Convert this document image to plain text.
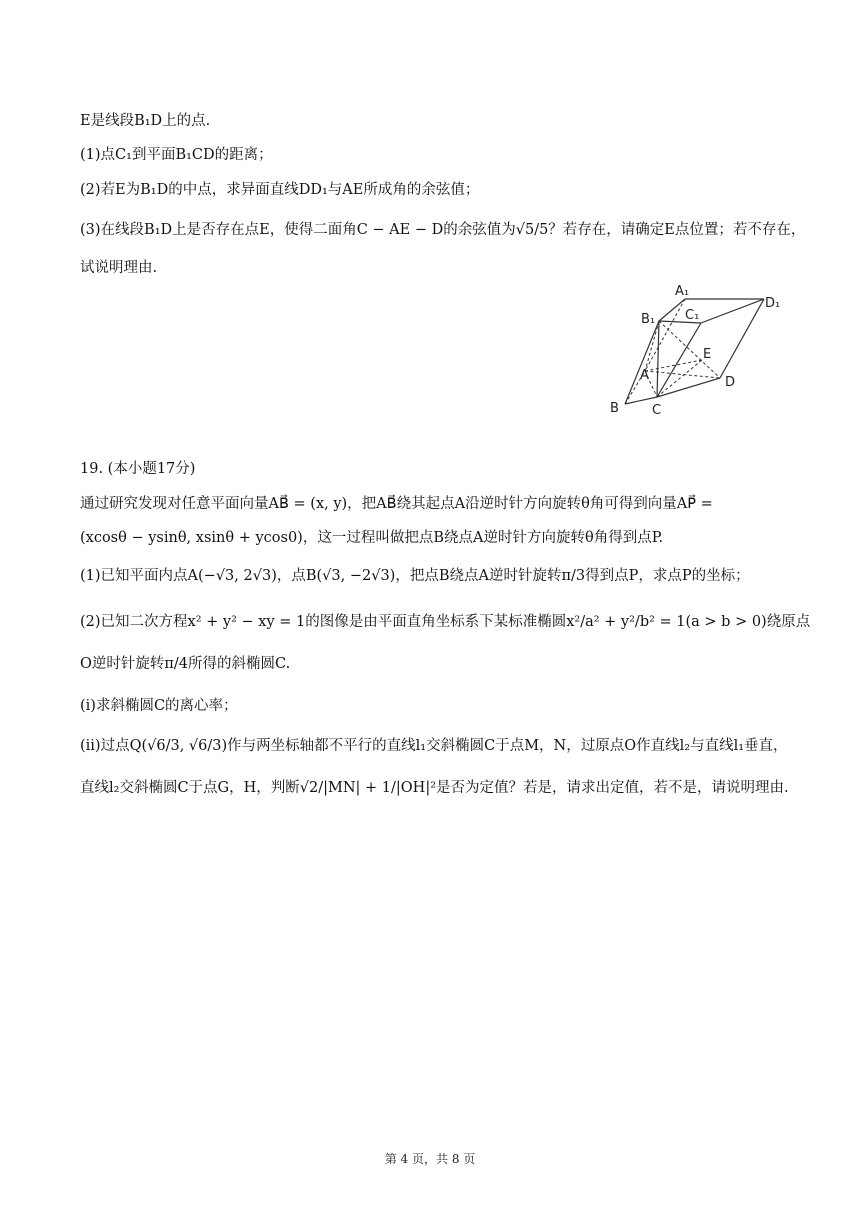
E是线段B₁D上的点.
(1)点C₁到平面B₁CD的距离；
(2)若E为B₁D的中点，求异面直线DD₁与AE所成角的余弦值；
(3)在线段B₁D上是否存在点E，使得二面角C − AE − D的余弦值为√5/5？若存在，请确定E点位置；若不存在，
试说明理由.
A₁
D₁
B₁ C₁
E
A	D
B	C
19. (本小题17分)
通过研究发现对任意平面向量AB⃗ = (x, y)，把AB⃗绕其起点A沿逆时针方向旋转θ角可得到向量AP⃗ =
(xcosθ − ysinθ, xsinθ + ycos0)，这一过程叫做把点B绕点A逆时针方向旋转θ角得到点P.
(1)已知平面内点A(−√3, 2√3)，点B(√3, −2√3)，把点B绕点A逆时针旋转π/3得到点P，求点P的坐标；
(2)已知二次方程x² + y² − xy = 1的图像是由平面直角坐标系下某标准椭圆x²/a² + y²/b² = 1(a > b > 0)绕原点
O逆时针旋转π/4所得的斜椭圆C.
(i)求斜椭圆C的离心率；
(ii)过点Q(√6/3, √6/3)作与两坐标轴都不平行的直线l₁交斜椭圆C于点M，N，过原点O作直线l₂与直线l₁垂直，
直线l₂交斜椭圆C于点G，H，判断√2/|MN| + 1/|OH|²是否为定值？若是，请求出定值，若不是，请说明理由.
第 4 页，共 8 页
